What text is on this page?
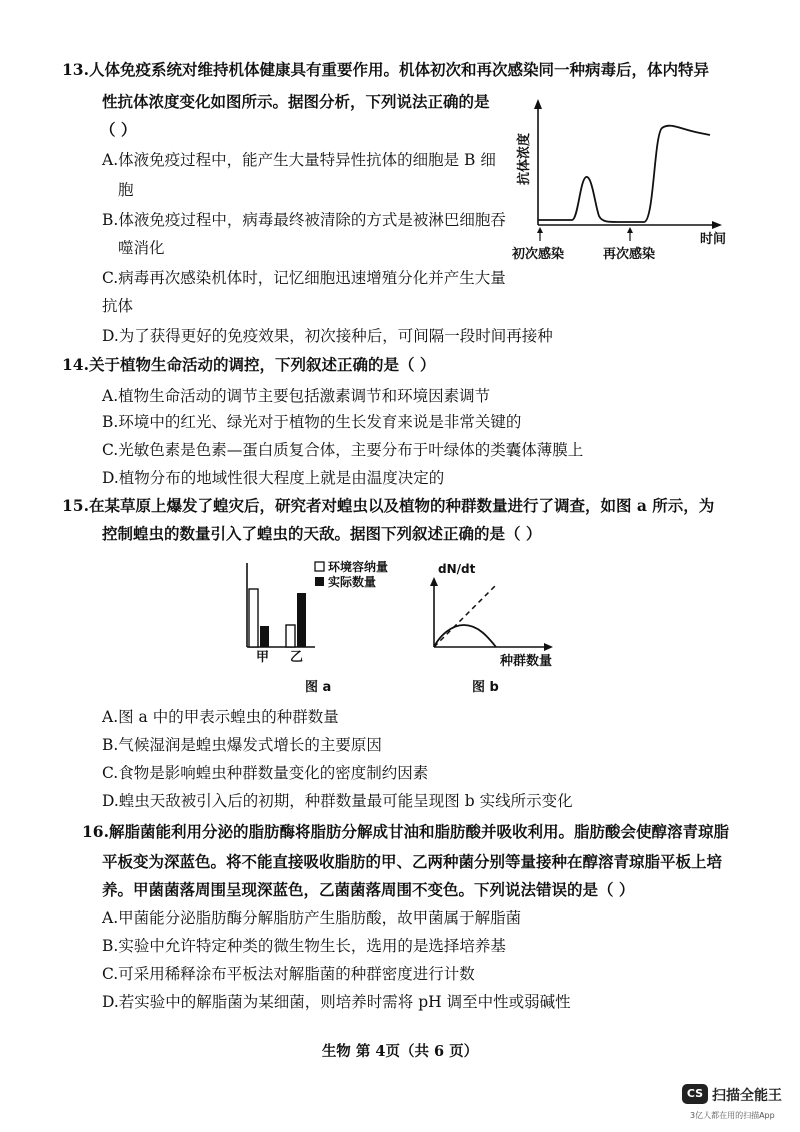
13.人体免疫系统对维持机体健康具有重要作用。机体初次和再次感染同一种病毒后，体内特异
性抗体浓度变化如图所示。据图分析，下列说法正确的是
（ ）
A.体液免疫过程中，能产生大量特异性抗体的细胞是 B 细
胞
B.体液免疫过程中，病毒最终被清除的方式是被淋巴细胞吞
噬消化
C.病毒再次感染机体时，记忆细胞迅速增殖分化并产生大量
抗体
D.为了获得更好的免疫效果，初次接种后，可间隔一段时间再接种
抗体浓度
时间
初次感染	再次感染
14.关于植物生命活动的调控，下列叙述正确的是（ ）
A.植物生命活动的调节主要包括激素调节和环境因素调节
B.环境中的红光、绿光对于植物的生长发育来说是非常关键的
C.光敏色素是色素—蛋白质复合体，主要分布于叶绿体的类囊体薄膜上
D.植物分布的地域性很大程度上就是由温度决定的
15.在某草原上爆发了蝗灾后，研究者对蝗虫以及植物的种群数量进行了调查，如图 a 所示，为
控制蝗虫的数量引入了蝗虫的天敌。据图下列叙述正确的是（ ）
甲 乙
环境容纳量
实际数量
图 a
dN/dt
种群数量
图 b
A.图 a 中的甲表示蝗虫的种群数量
B.气候湿润是蝗虫爆发式增长的主要原因
C.食物是影响蝗虫种群数量变化的密度制约因素
D.蝗虫天敌被引入后的初期，种群数量最可能呈现图 b 实线所示变化
16.解脂菌能利用分泌的脂肪酶将脂肪分解成甘油和脂肪酸并吸收利用。脂肪酸会使醇溶青琼脂
平板变为深蓝色。将不能直接吸收脂肪的甲、乙两种菌分别等量接种在醇溶青琼脂平板上培
养。甲菌菌落周围呈现深蓝色，乙菌菌落周围不变色。下列说法错误的是（ ）
A.甲菌能分泌脂肪酶分解脂肪产生脂肪酸，故甲菌属于解脂菌
B.实验中允许特定种类的微生物生长，选用的是选择培养基
C.可采用稀释涂布平板法对解脂菌的种群密度进行计数
D.若实验中的解脂菌为某细菌，则培养时需将 pH 调至中性或弱碱性
生物 第 4页（共 6 页）
CS 扫描全能王
3亿人都在用的扫描App
